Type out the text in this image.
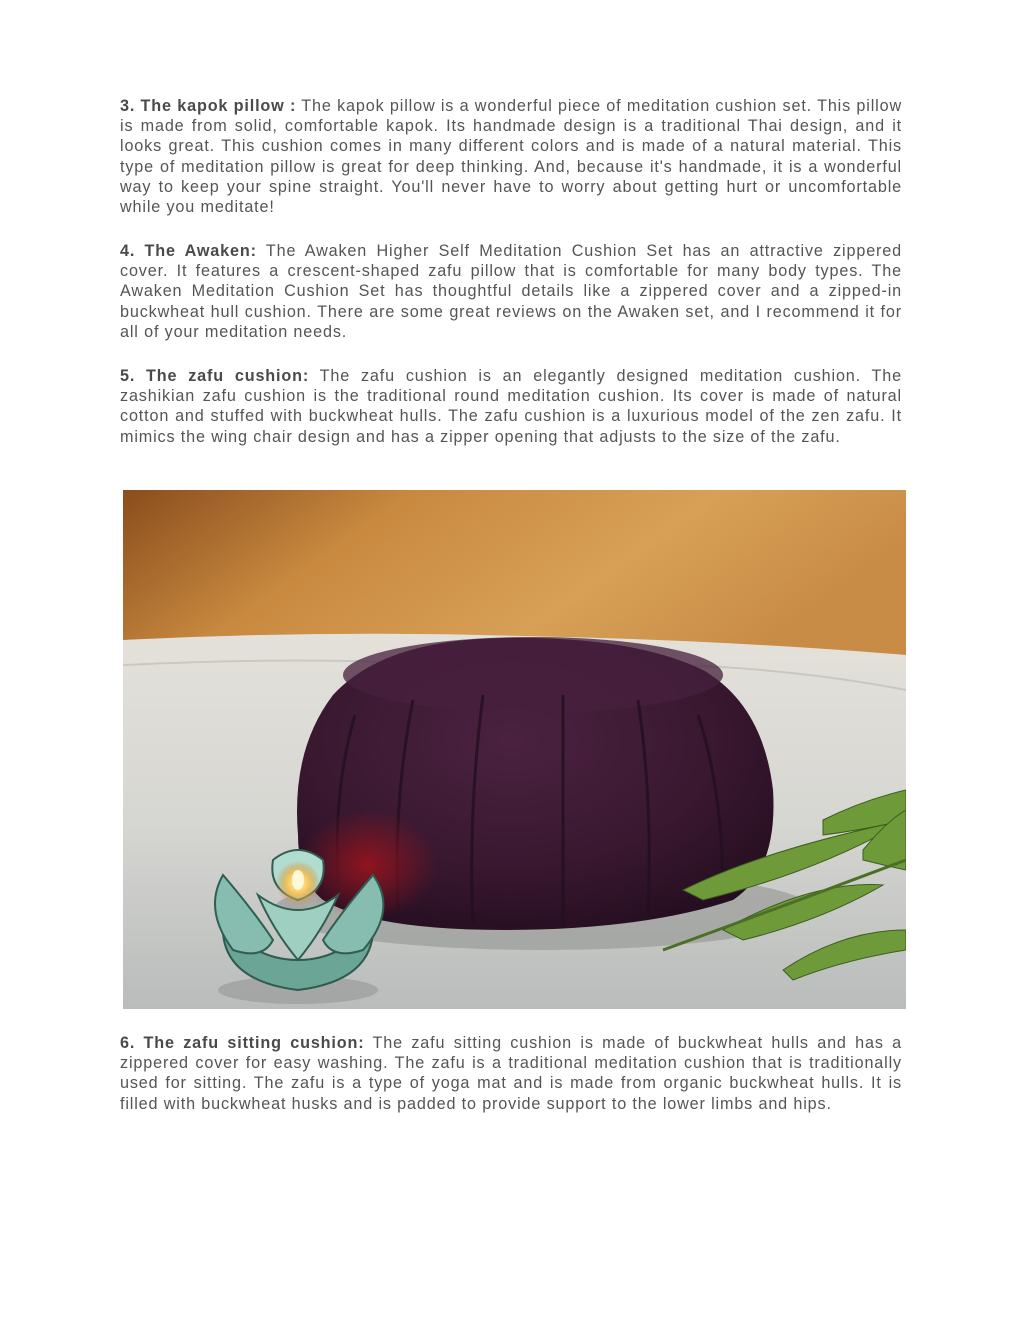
3. The kapok pillow : The kapok pillow is a wonderful piece of meditation cushion set. This pillow is made from solid, comfortable kapok. Its handmade design is a traditional Thai design, and it looks great. This cushion comes in many different colors and is made of a natural material. This type of meditation pillow is great for deep thinking. And, because it's handmade, it is a wonderful way to keep your spine straight. You'll never have to worry about getting hurt or uncomfortable while you meditate!

4. The Awaken: The Awaken Higher Self Meditation Cushion Set has an attractive zippered cover. It features a crescent-shaped zafu pillow that is comfortable for many body types. The Awaken Meditation Cushion Set has thoughtful details like a zippered cover and a zipped-in buckwheat hull cushion. There are some great reviews on the Awaken set, and I recommend it for all of your meditation needs.

5. The zafu cushion: The zafu cushion is an elegantly designed meditation cushion. The zashikian zafu cushion is the traditional round meditation cushion. Its cover is made of natural cotton and stuffed with buckwheat hulls. The zafu cushion is a luxurious model of the zen zafu. It mimics the wing chair design and has a zipper opening that adjusts to the size of the zafu.

6. The zafu sitting cushion: The zafu sitting cushion is made of buckwheat hulls and has a zippered cover for easy washing. The zafu is a traditional meditation cushion that is traditionally used for sitting. The zafu is a type of yoga mat and is made from organic buckwheat hulls. It is filled with buckwheat husks and is padded to provide support to the lower limbs and hips.
